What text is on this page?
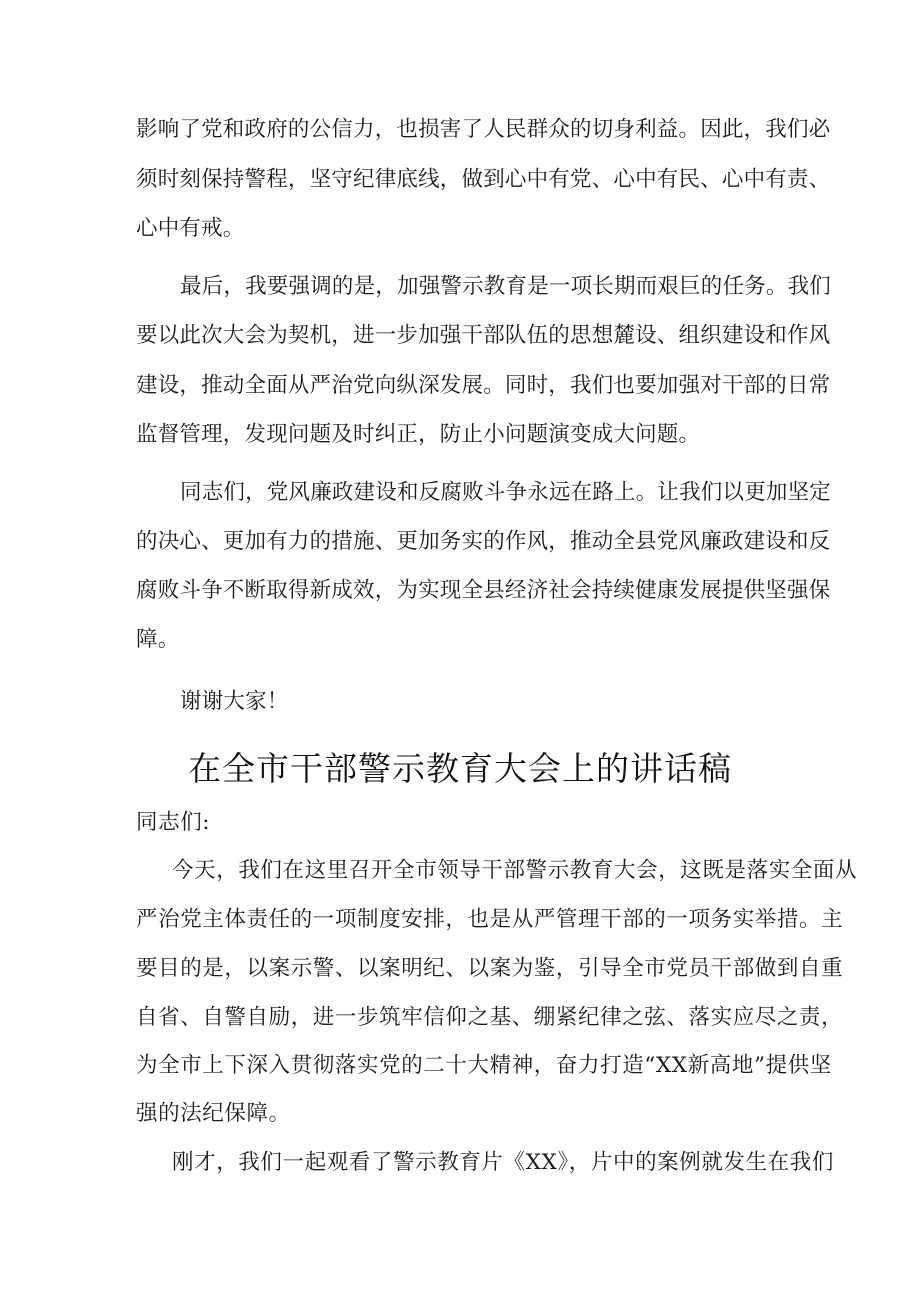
影响了党和政府的公信力，也损害了人民群众的切身利益。因此，我们必
须时刻保持警程，坚守纪律底线，做到心中有党、心中有民、心中有责、
心中有戒。
最后，我要强调的是，加强警示教育是一项长期而艰巨的任务。我们
要以此次大会为契机，进一步加强干部队伍的思想麓设、组织建设和作风
建设，推动全面从严治党向纵深发展。同时，我们也要加强对干部的日常
监督管理，发现问题及时纠正，防止小问题演变成大问题。
同志们，党风廉政建设和反腐败斗争永远在路上。让我们以更加坚定
的决心、更加有力的措施、更加务实的作风，推动全县党风廉政建设和反
腐败斗争不断取得新成效，为实现全县经济社会持续健康发展提供坚强保
障。
谢谢大家！
在全市干部警示教育大会上的讲话稿
同志们:
今天，我们在这里召开全市领导干部警示教育大会，这既是落实全面从
严治党主体责任的一项制度安排，也是从严管理干部的一项务实举措。主
要目的是，以案示警、以案明纪、以案为鉴，引导全市党员干部做到自重
自省、自警自励，进一步筑牢信仰之基、绷紧纪律之弦、落实应尽之责，
为全市上下深入贯彻落实党的二十大精神，奋力打造“XX新高地”提供坚
强的法纪保障。
刚才，我们一起观看了警示教育片《XX》，片中的案例就发生在我们
